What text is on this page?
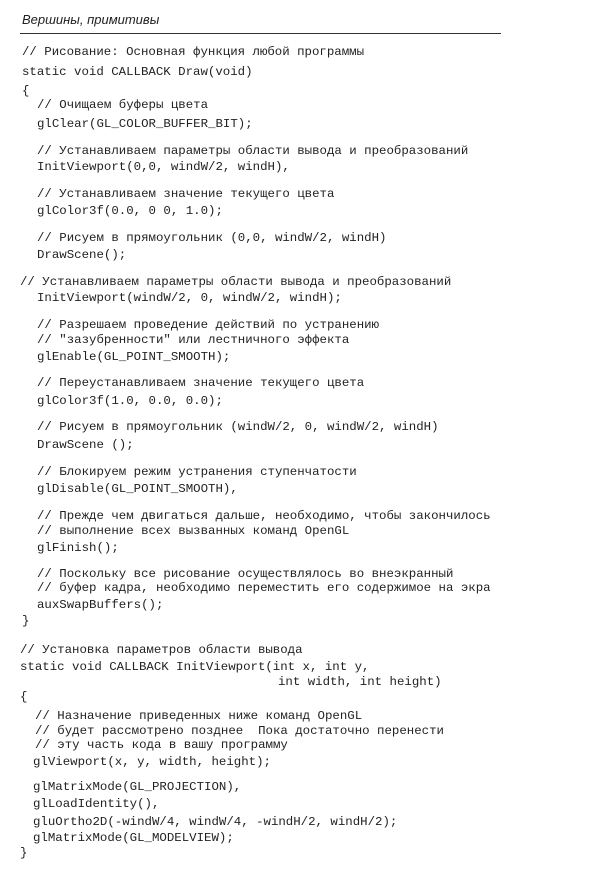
Вершины, примитивы
// Рисование: Основная функция любой программы
static void CALLBACK Draw(void)
{
// Очищаем буферы цвета
glClear(GL_COLOR_BUFFER_BIT);
// Устанавливаем параметры области вывода и преобразований
InitViewport(0,0, windW/2, windH),
// Устанавливаем значение текущего цвета
glColor3f(0.0, 0 0, 1.0);
// Рисуем в прямоугольник (0,0, windW/2, windH)
DrawScene();
// Устанавливаем параметры области вывода и преобразований
InitViewport(windW/2, 0, windW/2, windH);
// Разрешаем проведение действий по устранению
// "зазубренности" или лестничного эффекта
glEnable(GL_POINT_SMOOTH);
// Переустанавливаем значение текущего цвета
glColor3f(1.0, 0.0, 0.0);
// Рисуем в прямоугольник (windW/2, 0, windW/2, windH)
DrawScene ();
// Блокируем режим устранения ступенчатости
glDisable(GL_POINT_SMOOTH),
// Прежде чем двигаться дальше, необходимо, чтобы закончилось
// выполнение всех вызванных команд OpenGL
glFinish();
// Поскольку все рисование осуществлялось во внеэкранный
// буфер кадра, необходимо переместить его содержимое на экра
auxSwapBuffers();
}
// Установка параметров области вывода
static void CALLBACK InitViewport(int x, int y,
int width, int height)
{
// Назначение приведенных ниже команд OpenGL
// будет рассмотрено позднее  Пока достаточно перенести
// эту часть кода в вашу программу
glViewport(x, y, width, height);
glMatrixMode(GL_PROJECTION),
glLoadIdentity(),
gluOrtho2D(-windW/4, windW/4, -windH/2, windH/2);
glMatrixMode(GL_MODELVIEW);
}
